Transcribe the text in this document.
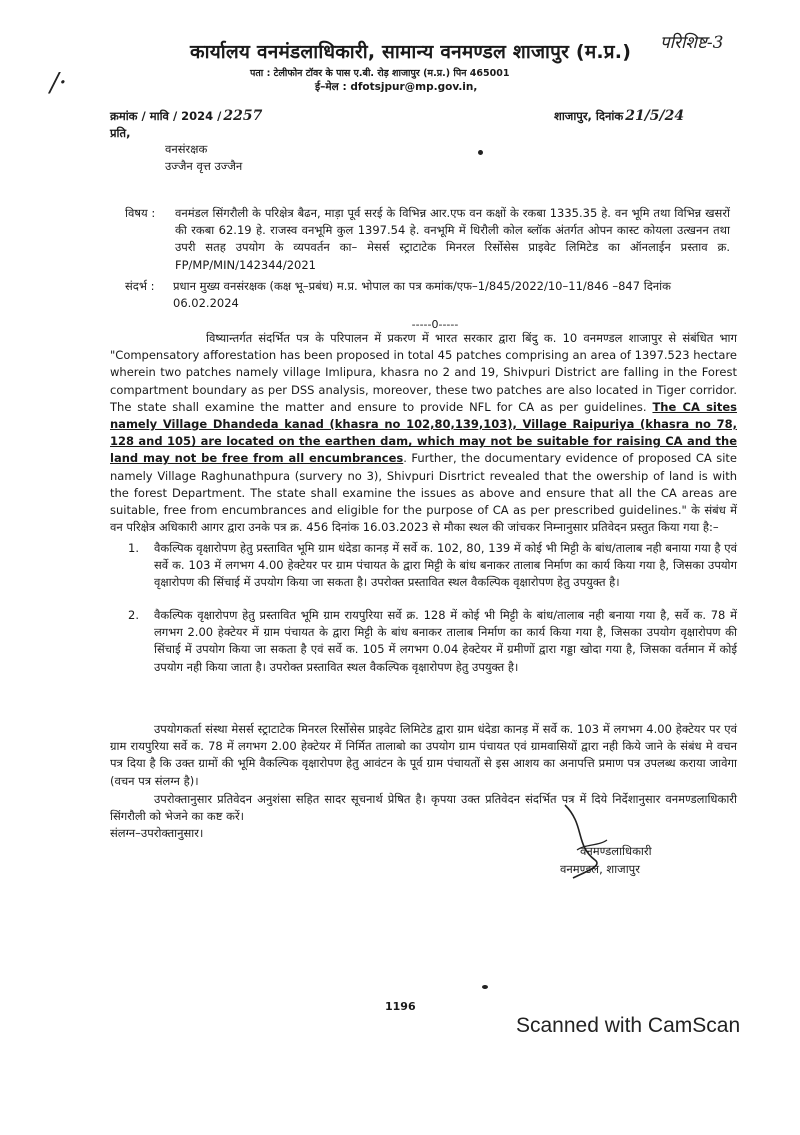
कार्यालय वनमंडलाधिकारी, सामान्य वनमण्डल शाजापुर (म.प्र.)
पता : टेलीफोन टॉवर के पास ए.बी. रोड़ शाजापुर (म.प्र.) पिन 465001
ई–मेल : dfotsjpur@mp.gov.in,
परिशिष्ट-3
/·
क्रमांक / मावि / 2024 / 2257	शाजापुर, दिनांक 21/5/24
प्रति,
वनसंरक्षक
उज्जैन वृत्त उज्जैन
विषय :	वनमंडल सिंगरौली के परिक्षेत्र बैढन, माड़ा पूर्व सरई के विभिन्न आर.एफ वन कक्षों के रकबा 1335.35 हे. वन भूमि तथा विभिन्न खसरों की रकबा 62.19 हे. राजस्व वनभूमि कुल 1397.54 हे. वनभूमि में धिरौली कोल ब्लॉक अंतर्गत ओपन कास्ट कोयला उत्खनन तथा उपरी सतह उपयोग के व्यपवर्तन का– मेसर्स स्ट्राटाटेक मिनरल रिर्सोसेस प्राइवेट लिमिटेड का ऑनलाईन प्रस्ताव क्र. FP/MP/MIN/142344/2021
संदर्भ :	प्रधान मुख्य वनसंरक्षक (कक्ष भू–प्रबंध) म.प्र. भोपाल का पत्र कमांक/एफ–1/845/2022/10–11/846 –847 दिनांक 06.02.2024
-----0-----
विष्यान्तर्गत संदर्भित पत्र के परिपालन में प्रकरण में भारत सरकार द्वारा बिंदु क. 10 वनमण्डल शाजापुर से संबंधित भाग "Compensatory afforestation has been proposed in total 45 patches comprising an area of 1397.523 hectare wherein two patches namely village Imlipura, khasra no 2 and 19, Shivpuri District are falling in the Forest compartment boundary as per DSS analysis, moreover, these two patches are also located in Tiger corridor. The state shall examine the matter and ensure to provide NFL for CA as per guidelines. The CA sites namely Village Dhandeda kanad (khasra no 102,80,139,103), Village Raipuriya (khasra no 78, 128 and 105) are located on the earthen dam, which may not be suitable for raising CA and the land may not be free from all encumbrances. Further, the documentary evidence of proposed CA site namely Village Raghunathpura (survery no 3), Shivpuri Disrtrict revealed that the owership of land is with the forest Department. The state shall examine the issues as above and ensure that all the CA areas are suitable, free from encumbrances and eligible for the purpose of CA as per prescribed guidelines." के संबंध में वन परिक्षेत्र अधिकारी आगर द्वारा उनके पत्र क्र. 456 दिनांक 16.03.2023 से मौका स्थल की जांचकर निम्नानुसार प्रतिवेदन प्रस्तुत किया गया है:–
1. वैकल्पिक वृक्षारोपण हेतु प्रस्तावित भूमि ग्राम धंदेडा कानड़ में सर्वे क. 102, 80, 139 में कोई भी मिट्टी के बांध/तालाब नही बनाया गया है एवं सर्वे क. 103 में लगभग 4.00 हेक्टेयर पर ग्राम पंचायत के द्वारा मिट्टी के बांध बनाकर तालाब निर्माण का कार्य किया गया है, जिसका उपयोग वृक्षारोपण की सिंचाई में उपयोग किया जा सकता है। उपरोक्त प्रस्तावित स्थल वैकल्पिक वृक्षारोपण हेतु उपयुक्त है।
2. वैकल्पिक वृक्षारोपण हेतु प्रस्तावित भूमि ग्राम रायपुरिया सर्वे क्र. 128 में कोई भी मिट्टी के बांध/तालाब नही बनाया गया है, सर्वे क. 78 में लगभग 2.00 हेक्टेयर में ग्राम पंचायत के द्वारा मिट्टी के बांध बनाकर तालाब निर्माण का कार्य किया गया है, जिसका उपयोग वृक्षारोपण की सिंचाई में उपयोग किया जा सकता है एवं सर्वे क. 105 में लगभग 0.04 हेक्टेयर में ग्रमीणों द्वारा गड्डा खोदा गया है, जिसका वर्तमान में कोई उपयोग नही किया जाता है। उपरोक्त प्रस्तावित स्थल वैकल्पिक वृक्षारोपण हेतु उपयुक्त है।
उपयोगकर्ता संस्था मेसर्स स्ट्राटाटेक मिनरल रिर्सोसेस प्राइवेट लिमिटेड द्वारा ग्राम धंदेडा कानड़ में सर्वे क. 103 में लगभग 4.00 हेक्टेयर पर एवं ग्राम रायपुरिया सर्वे क. 78 में लगभग 2.00 हेक्टेयर में निर्मित तालाबो का उपयोग ग्राम पंचायत एवं ग्रामवासियों द्वारा नही किये जाने के संबंध मे वचन पत्र दिया है कि उक्त ग्रामों की भूमि वैकल्पिक वृक्षारोपण हेतु आवंटन के पूर्व ग्राम पंचायतों से इस आशय का अनापत्ति प्रमाण पत्र उपलब्ध कराया जावेगा (वचन पत्र संलग्न है)।
उपरोक्तानुसार प्रतिवेदन अनुशंसा सहित सादर सूचनार्थ प्रेषित है। कृपया उक्त प्रतिवेदन संदर्भित पत्र में दिये निर्देशानुसार वनमण्डलाधिकारी सिंगरौली को भेजने का कष्ट करें।
संलग्न–उपरोक्तानुसार।
वनमण्डलाधिकारी
वनमण्डल, शाजापुर
1196
Scanned with CamScan
